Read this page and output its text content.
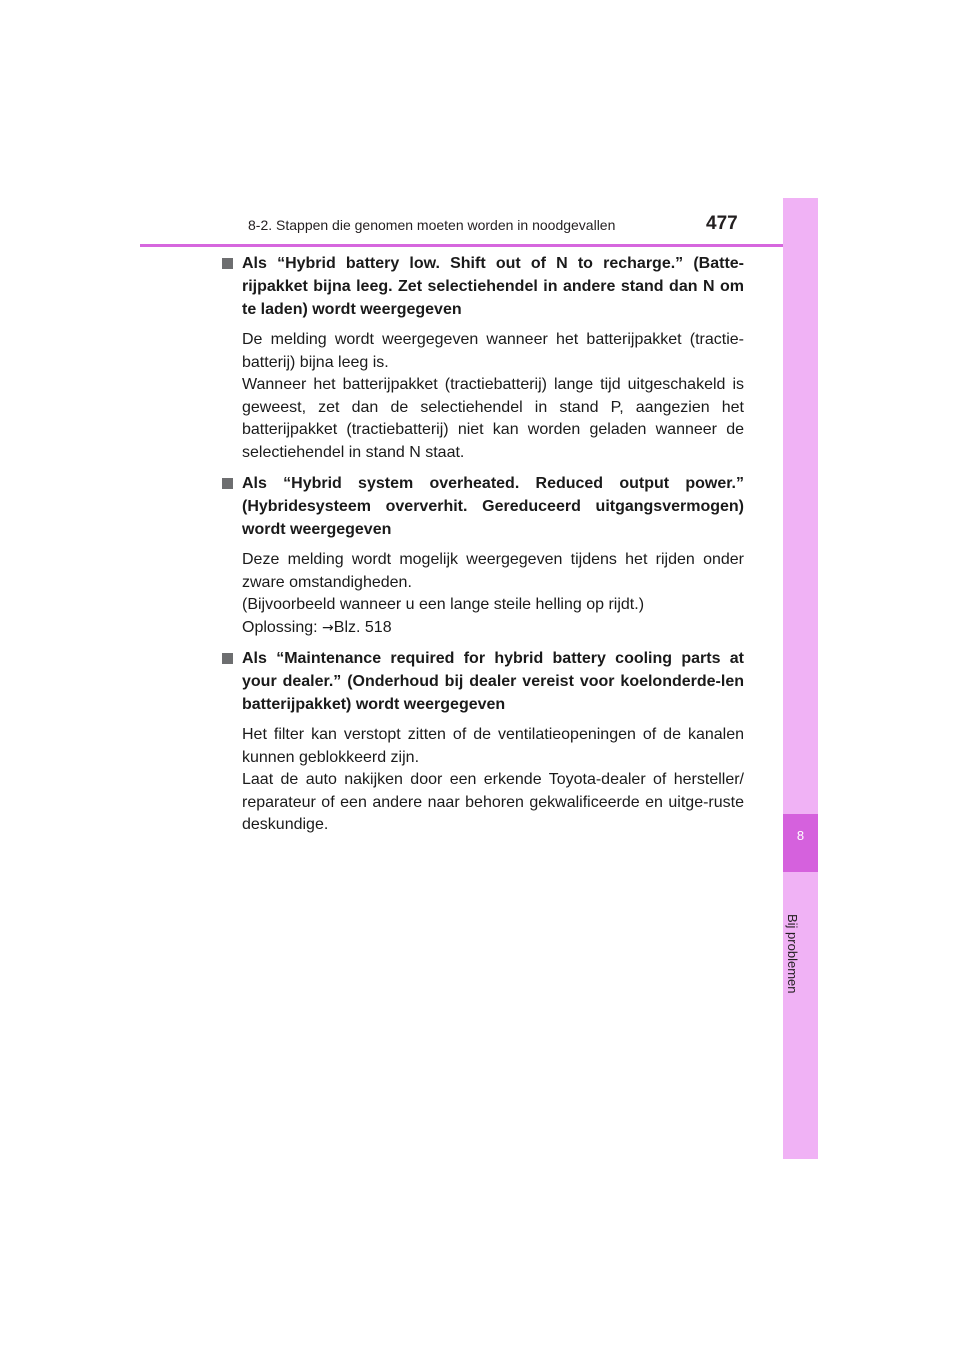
8-2. Stappen die genomen moeten worden in noodgevallen	477
8
Bij problemen

Als “Hybrid battery low. Shift out of N to recharge.” (Batte-rijpakket bijna leeg. Zet selectiehendel in andere stand dan N om te laden) wordt weergegeven

De melding wordt weergegeven wanneer het batterijpakket (tractie-batterij) bijna leeg is.

Wanneer het batterijpakket (tractiebatterij) lange tijd uitgeschakeld is geweest, zet dan de selectiehendel in stand P, aangezien het batterijpakket (tractiebatterij) niet kan worden geladen wanneer de selectiehendel in stand N staat.

Als “Hybrid system overheated. Reduced output power.” (Hybridesysteem oververhit. Gereduceerd uitgangsvermogen) wordt weergegeven

Deze melding wordt mogelijk weergegeven tijdens het rijden onder zware omstandigheden.

(Bijvoorbeeld wanneer u een lange steile helling op rijdt.)

Oplossing: →Blz. 518

Als “Maintenance required for hybrid battery cooling parts at your dealer.” (Onderhoud bij dealer vereist voor koelonderde-len batterijpakket) wordt weergegeven

Het filter kan verstopt zitten of de ventilatieopeningen of de kanalen kunnen geblokkeerd zijn.

Laat de auto nakijken door een erkende Toyota-dealer of hersteller/ reparateur of een andere naar behoren gekwalificeerde en uitge-ruste deskundige.
